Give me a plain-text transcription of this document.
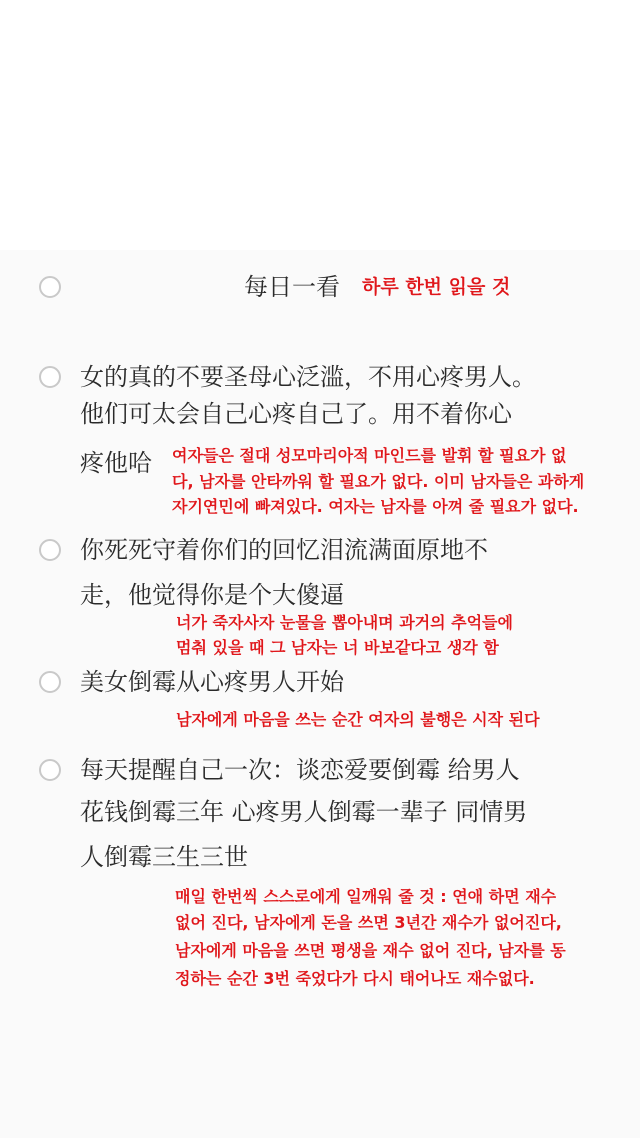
每日一看 하루 한번 읽을 것
女的真的不要圣母心泛滥，不用心疼男人。
他们可太会自己心疼自己了。用不着你心
疼他哈 여자들은 절대 성모마리아적 마인드를 발휘 할 필요가 없
다, 남자를 안타까워 할 필요가 없다. 이미 남자들은 과하게
자기연민에 빠져있다. 여자는 남자를 아껴 줄 필요가 없다.
你死死守着你们的回忆泪流满面原地不
走，他觉得你是个大傻逼
너가 죽자사자 눈물을 뽑아내며 과거의 추억들에
멈춰 있을 때 그 남자는 너 바보같다고 생각 함
美女倒霉从心疼男人开始
남자에게 마음을 쓰는 순간 여자의 불행은 시작 된다
每天提醒自己一次：谈恋爱要倒霉 给男人
花钱倒霉三年 心疼男人倒霉一辈子 同情男
人倒霉三生三世
매일 한번씩 스스로에게 일깨워 줄 것 : 연애 하면 재수
없어 진다, 남자에게 돈을 쓰면 3년간 재수가 없어진다,
남자에게 마음을 쓰면 평생을 재수 없어 진다, 남자를 동
정하는 순간 3번 죽었다가 다시 태어나도 재수없다.
